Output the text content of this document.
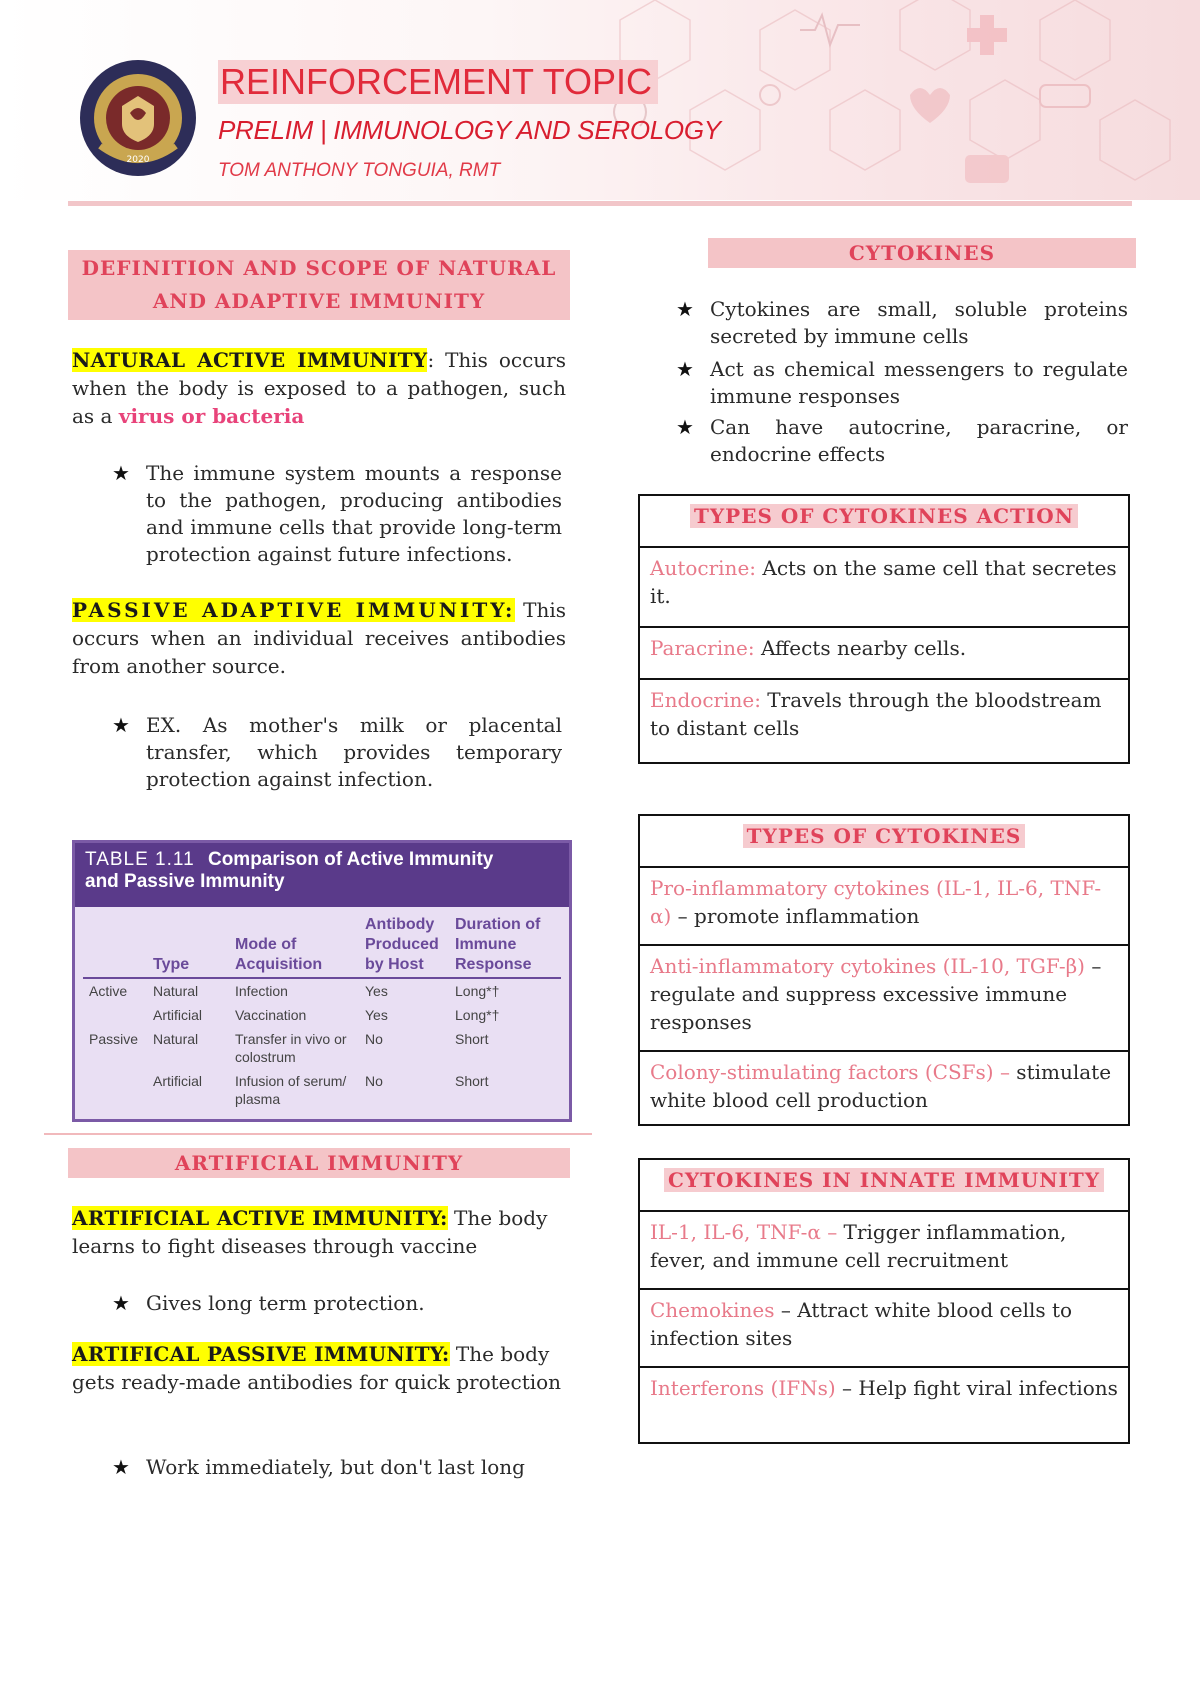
2020
REINFORCEMENT TOPIC
PRELIM | IMMUNOLOGY AND SEROLOGY
TOM ANTHONY TONGUIA, RMT
DEFINITION AND SCOPE OF NATURAL AND ADAPTIVE IMMUNITY
NATURAL ACTIVE IMMUNITY: This occurs when the body is exposed to a pathogen, such as a virus or bacteria
★ The immune system mounts a response to the pathogen, producing antibodies and immune cells that provide long-term protection against future infections.
PASSIVE ADAPTIVE IMMUNITY: This occurs when an individual receives antibodies from another source.
★ EX. As mother's milk or placental transfer, which provides temporary protection against infection.
TABLE 1.11 Comparison of Active Immunity
and Passive Immunity
	Type	Mode of Acquisition	Antibody Produced by Host	Duration of Immune Response
Active	Natural	Infection	Yes	Long*†
	Artificial	Vaccination	Yes	Long*†
Passive	Natural	Transfer in vivo or colostrum	No	Short
	Artificial	Infusion of serum/ plasma	No	Short
ARTIFICIAL IMMUNITY
ARTIFICIAL ACTIVE IMMUNITY: The body learns to fight diseases through vaccine
★ Gives long term protection.
ARTIFICAL PASSIVE IMMUNITY: The body gets ready-made antibodies for quick protection
★ Work immediately, but don't last long
CYTOKINES
★ Cytokines are small, soluble proteins secreted by immune cells
★ Act as chemical messengers to regulate immune responses
★ Can have autocrine, paracrine, or endocrine effects
TYPES OF CYTOKINES ACTION
Autocrine: Acts on the same cell that secretes it.
Paracrine: Affects nearby cells.
Endocrine: Travels through the bloodstream to distant cells
TYPES OF CYTOKINES
Pro-inflammatory cytokines (IL-1, IL-6, TNF-α) – promote inflammation
Anti-inflammatory cytokines (IL-10, TGF-β) – regulate and suppress excessive immune responses
Colony-stimulating factors (CSFs) – stimulate white blood cell production
CYTOKINES IN INNATE IMMUNITY
IL-1, IL-6, TNF-α – Trigger inflammation, fever, and immune cell recruitment
Chemokines – Attract white blood cells to infection sites
Interferons (IFNs) – Help fight viral infections
